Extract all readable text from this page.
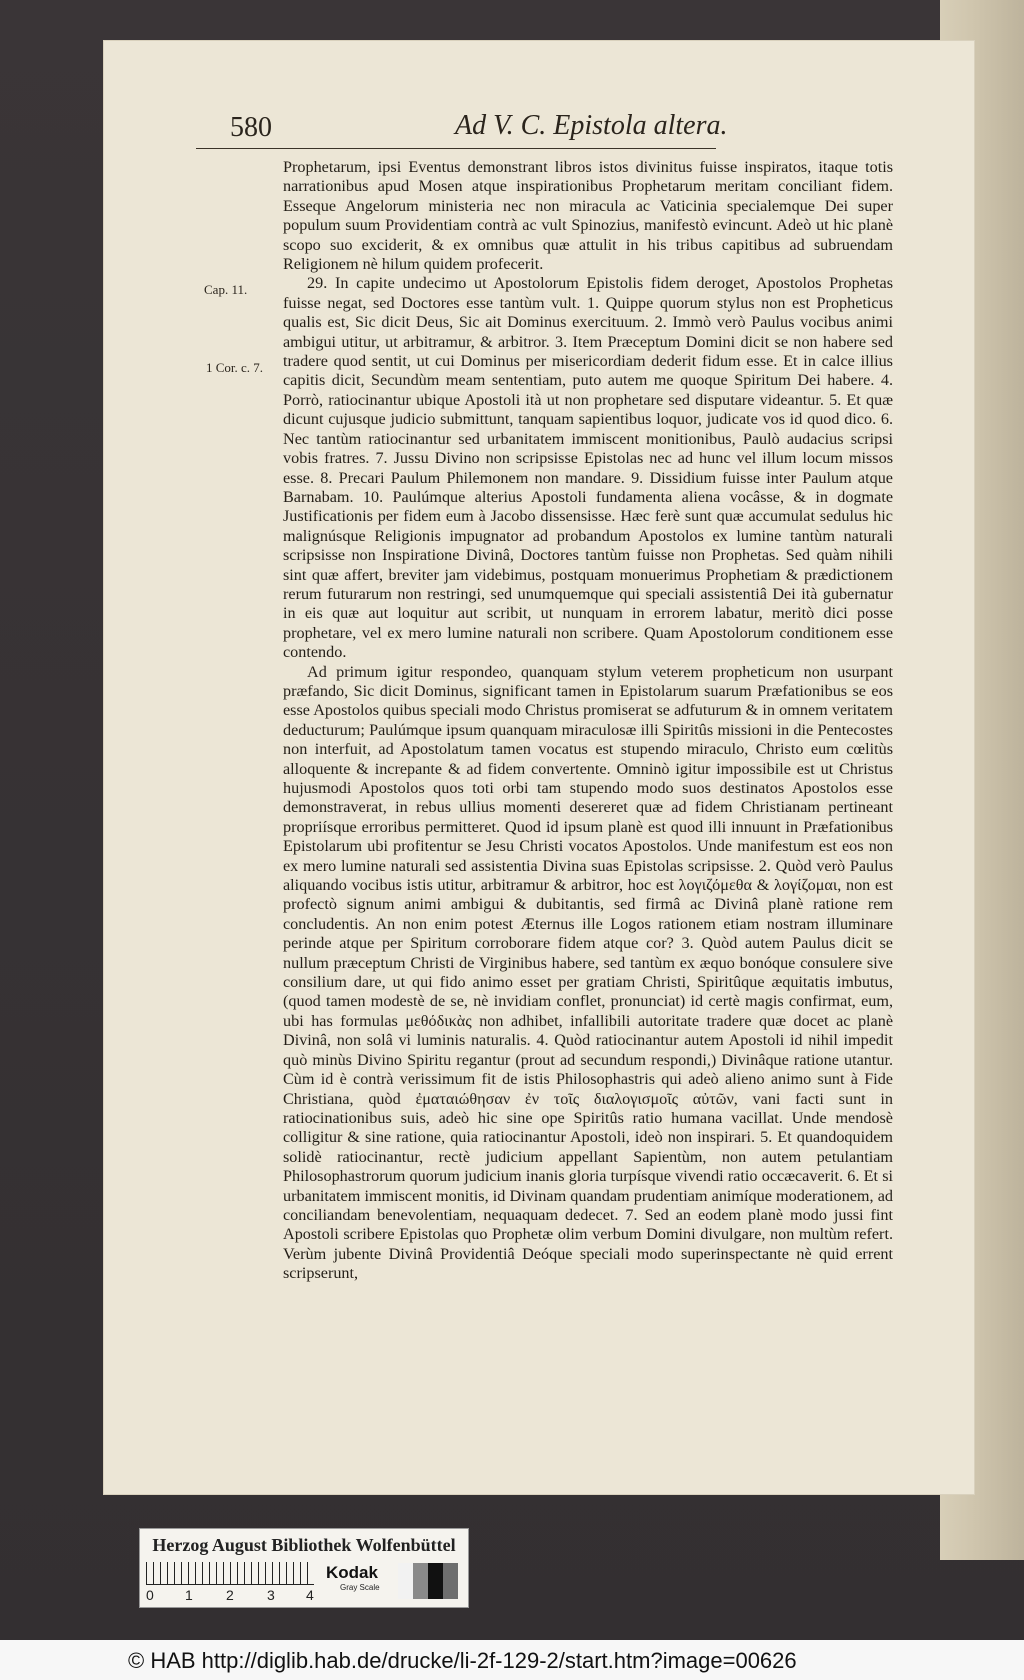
580	Ad V. C. Epistola altera.
Cap. 11.
1 Cor. c. 7.

Prophetarum, ipsi Eventus demonstrant libros istos divinitus fuisse inspiratos, itaque totis narrationibus apud Mosen atque inspirationibus Prophetarum meritam conciliant fidem. Esseque Angelorum ministeria nec non miracula ac Vaticinia specialemque Dei super populum suum Providentiam contrà ac vult Spinozius, manifestò evincunt. Adeò ut hic planè scopo suo exciderit, & ex omnibus quæ attulit in his tribus capitibus ad subruendam Religionem nè hilum quidem profecerit.

29. In capite undecimo ut Apostolorum Epistolis fidem deroget, Apostolos Prophetas fuisse negat, sed Doctores esse tantùm vult. 1. Quippe quorum stylus non est Propheticus qualis est, Sic dicit Deus, Sic ait Dominus exercituum. 2. Immò verò Paulus vocibus animi ambigui utitur, ut arbitramur, & arbitror. 3. Item Præceptum Domini dicit se non habere sed tradere quod sentit, ut cui Dominus per misericordiam dederit fidum esse. Et in calce illius capitis dicit, Secundùm meam sententiam, puto autem me quoque Spiritum Dei habere. 4. Porrò, ratiocinantur ubique Apostoli ità ut non prophetare sed disputare videantur. 5. Et quæ dicunt cujusque judicio submittunt, tanquam sapientibus loquor, judicate vos id quod dico. 6. Nec tantùm ratiocinantur sed urbanitatem immiscent monitionibus, Paulò audacius scripsi vobis fratres. 7. Jussu Divino non scripsisse Epistolas nec ad hunc vel illum locum missos esse. 8. Precari Paulum Philemonem non mandare. 9. Dissidium fuisse inter Paulum atque Barnabam. 10. Paulúmque alterius Apostoli fundamenta aliena vocâsse, & in dogmate Justificationis per fidem eum à Jacobo dissensisse. Hæc ferè sunt quæ accumulat sedulus hic malignúsque Religionis impugnator ad probandum Apostolos ex lumine tantùm naturali scripsisse non Inspiratione Divinâ, Doctores tantùm fuisse non Prophetas. Sed quàm nihili sint quæ affert, breviter jam videbimus, postquam monuerimus Prophetiam & prædictionem rerum futurarum non restringi, sed unumquemque qui speciali assistentiâ Dei ità gubernatur in eis quæ aut loquitur aut scribit, ut nunquam in errorem labatur, meritò dici posse prophetare, vel ex mero lumine naturali non scribere. Quam Apostolorum conditionem esse contendo.

Ad primum igitur respondeo, quanquam stylum veterem propheticum non usurpant præfando, Sic dicit Dominus, significant tamen in Epistolarum suarum Præfationibus se eos esse Apostolos quibus speciali modo Christus promiserat se adfuturum & in omnem veritatem deducturum; Paulúmque ipsum quanquam miraculosæ illi Spiritûs missioni in die Pentecostes non interfuit, ad Apostolatum tamen vocatus est stupendo miraculo, Christo eum cœlitùs alloquente & increpante & ad fidem convertente. Omninò igitur impossibile est ut Christus hujusmodi Apostolos quos toti orbi tam stupendo modo suos destinatos Apostolos esse demonstraverat, in rebus ullius momenti desereret quæ ad fidem Christianam pertineant propriísque erroribus permitteret. Quod id ipsum planè est quod illi innuunt in Præfationibus Epistolarum ubi profitentur se Jesu Christi vocatos Apostolos. Unde manifestum est eos non ex mero lumine naturali sed assistentia Divina suas Epistolas scripsisse. 2. Quòd verò Paulus aliquando vocibus istis utitur, arbitramur & arbitror, hoc est λογιζόμεθα & λογίζομαι, non est profectò signum animi ambigui & dubitantis, sed firmâ ac Divinâ planè ratione rem concludentis. An non enim potest Æternus ille Logos rationem etiam nostram illuminare perinde atque per Spiritum corroborare fidem atque cor? 3. Quòd autem Paulus dicit se nullum præceptum Christi de Virginibus habere, sed tantùm ex æquo bonóque consulere sive consilium dare, ut qui fido animo esset per gratiam Christi, Spiritûque æquitatis imbutus, (quod tamen modestè de se, nè invidiam conflet, pronunciat) id certè magis confirmat, eum, ubi has formulas μεθόδικὰς non adhibet, infallibili autoritate tradere quæ docet ac planè Divinâ, non solâ vi luminis naturalis. 4. Quòd ratiocinantur autem Apostoli id nihil impedit quò minùs Divino Spiritu regantur (prout ad secundum respondi,) Divinâque ratione utantur. Cùm id è contrà verissimum fit de istis Philosophastris qui adeò alieno animo sunt à Fide Christiana, quòd ἐματαιώθησαν ἐν τοῖς διαλογισμοῖς αὐτῶν, vani facti sunt in ratiocinationibus suis, adeò hic sine ope Spiritûs ratio humana vacillat. Unde mendosè colligitur & sine ratione, quia ratiocinantur Apostoli, ideò non inspirari. 5. Et quandoquidem solidè ratiocinantur, rectè judicium appellant Sapientùm, non autem petulantiam Philosophastrorum quorum judicium inanis gloria turpísque vivendi ratio occæcaverit. 6. Et si urbanitatem immiscent monitis, id Divinam quandam prudentiam animíque moderationem, ad conciliandam benevolentiam, nequaquam dedecet. 7. Sed an eodem planè modo jussi fint Apostoli scribere Epistolas quo Prophetæ olim verbum Domini divulgare, non multùm refert. Verùm jubente Divinâ Providentiâ Deóque speciali modo superinspectante nè quid errent scripserunt,

Herzog August Bibliothek Wolfenbüttel
0 1 2 3 4
Kodak
Gray Scale
© HAB http://diglib.hab.de/drucke/li-2f-129-2/start.htm?image=00626
